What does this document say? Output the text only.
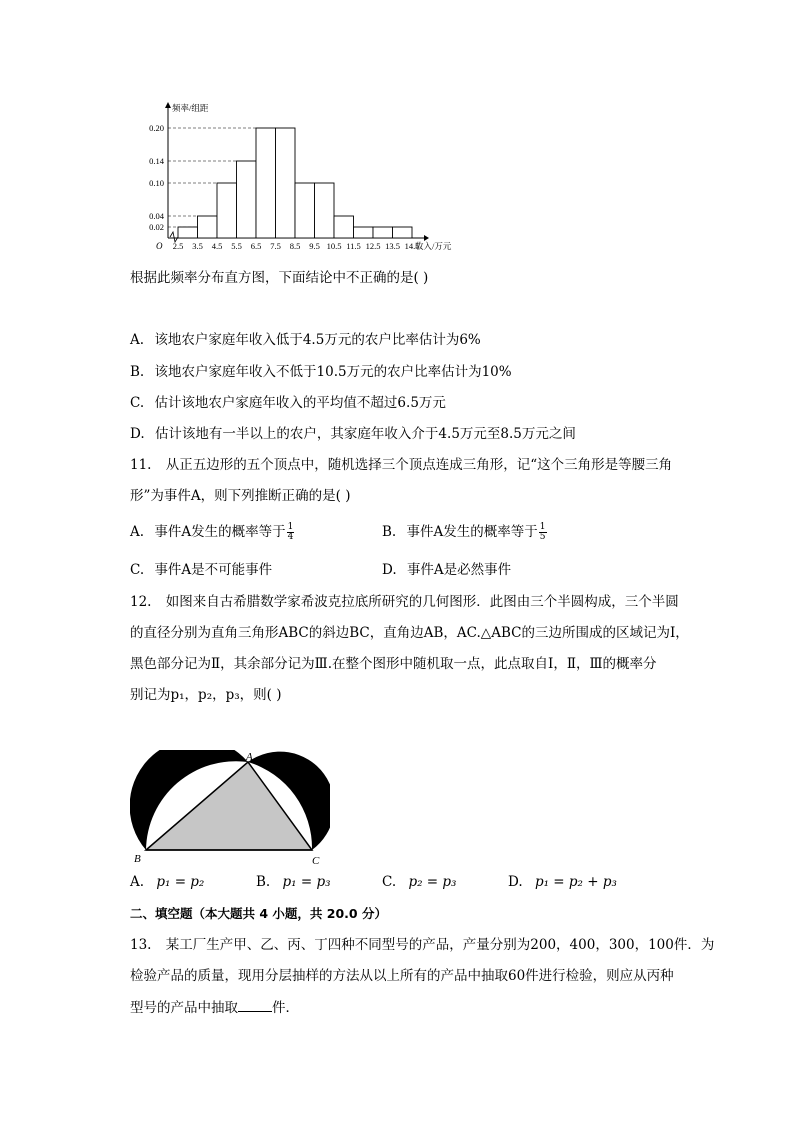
0.02
0.04
0.10
0.14
0.20
2.5 3.5 4.5 5.5 6.5 7.5 8.5 9.5 10.5 11.5 12.5 13.5 14.5
O	收入/万元
频率/组距
根据此频率分布直方图，下面结论中不正确的是( )
A. 该地农户家庭年收入低于4.5万元的农户比率估计为6%
B. 该地农户家庭年收入不低于10.5万元的农户比率估计为10%
C. 估计该地农户家庭年收入的平均值不超过6.5万元
D. 估计该地有一半以上的农户，其家庭年收入介于4.5万元至8.5万元之间
11. 从正五边形的五个顶点中，随机选择三个顶点连成三角形，记“这个三角形是等腰三角
形”为事件A，则下列推断正确的是( )
A. 事件A发生的概率等于 $\frac{1}{4}$	B. 事件A发生的概率等于 $\frac{1}{5}$
C. 事件A是不可能事件	D. 事件A是必然事件
12. 如图来自古希腊数学家希波克拉底所研究的几何图形．此图由三个半圆构成，三个半圆
的直径分别为直角三角形ABC的斜边BC，直角边AB，AC.△ABC的三边所围成的区域记为Ⅰ，
黑色部分记为Ⅱ，其余部分记为Ⅲ.在整个图形中随机取一点，此点取自Ⅰ，Ⅱ，Ⅲ的概率分
别记为p₁，p₂，p₃，则( )
A
B	C
A. p₁ = p₂	B. p₁ = p₃	C. p₂ = p₃	D. p₁ = p₂ + p₃
二、填空题（本大题共 4 小题，共 20.0 分）
13. 某工厂生产甲、乙、丙、丁四种不同型号的产品，产量分别为200，400，300，100件．为
检验产品的质量，现用分层抽样的方法从以上所有的产品中抽取60件进行检验，则应从丙种
型号的产品中抽取	件．
